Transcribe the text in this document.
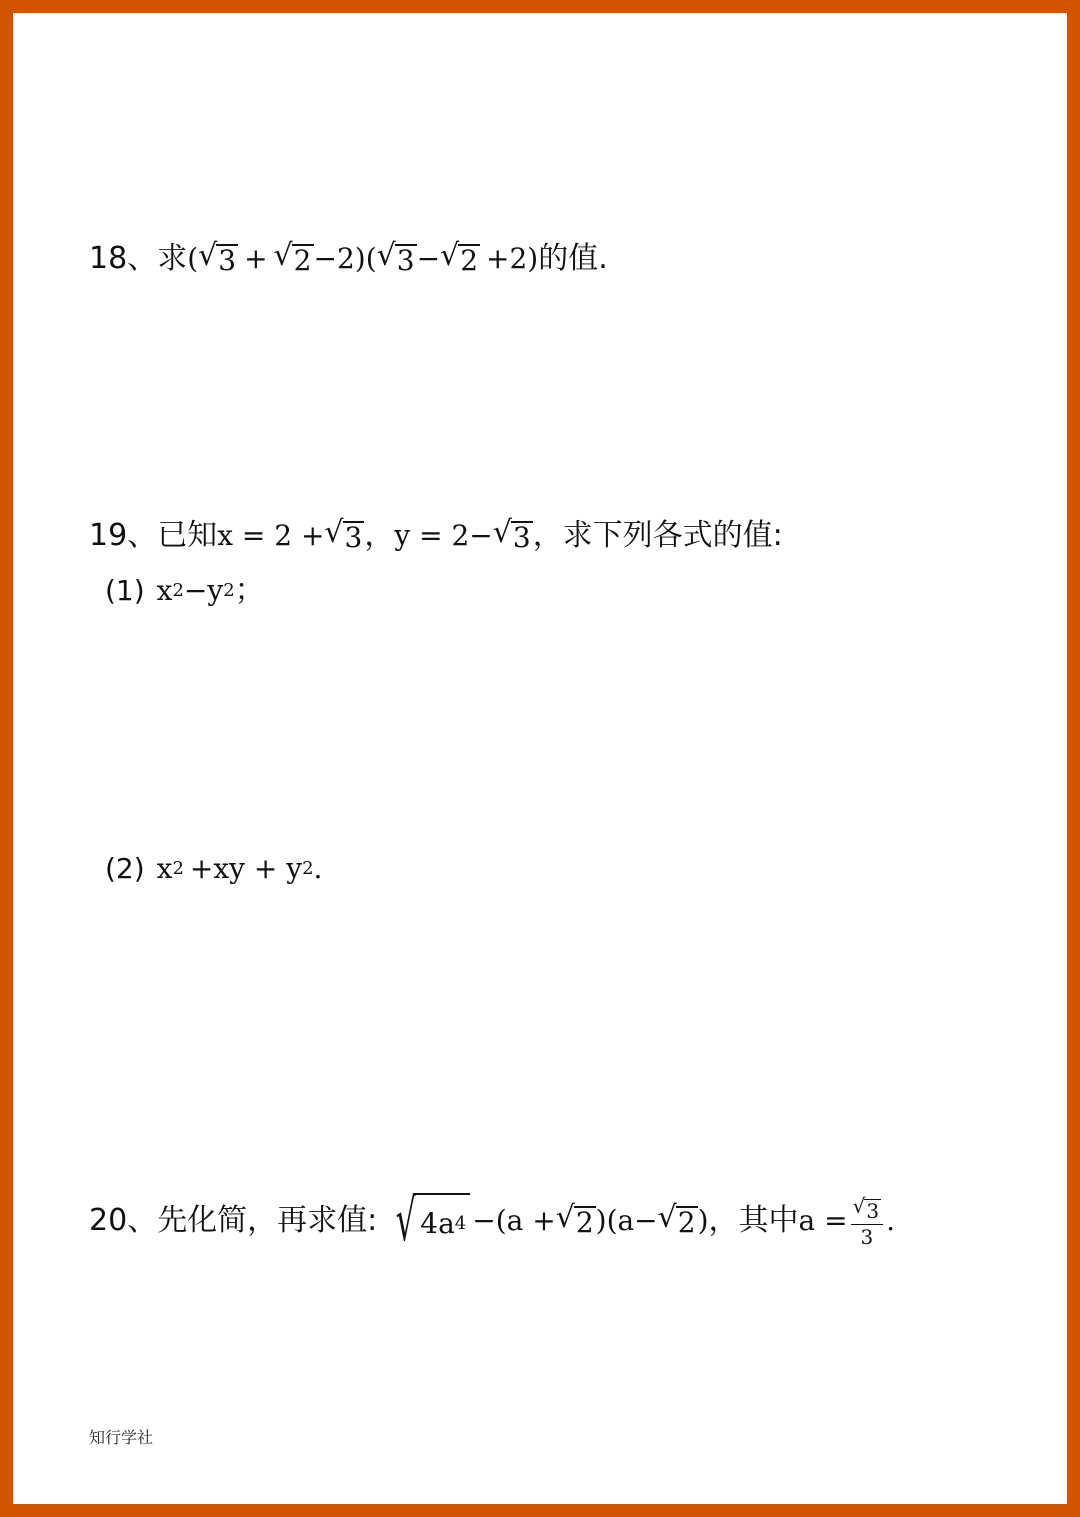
18、 求 ( √ 3 + √ 2 −2) ( √ 3 − √ 2 +2) 的值.
19、 已知 x = 2 + √ 3 ， y = 2− √ 3 ，求下列各式的值:
(1) x 2 −y 2 ；
(2) x 2 +xy + y 2 .
20、 先化简，再求值: √ 4a 4 −(a + √ 2 )(a− √ 2 ) ， 其中 $a = \frac{√ 3}{3}$ .
知行学社
